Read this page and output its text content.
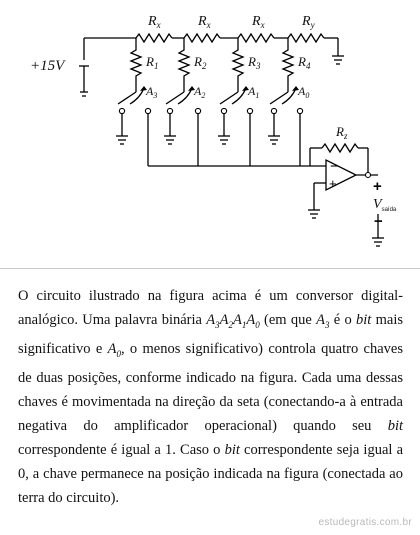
+15V
$R_x$	$R_x$	$R_x$	$R_y$
$R_1$	$R_2$	$R_3$	$R_4$
$A_3$	$A_2$	$A_1$	$A_0$
$R_z$
−
+ +
$V_{saída}$
−

O circuito ilustrado na figura acima é um conversor digital-analógico. Uma palavra binária $A_3A_2A_1A_0$ (em que $A_3$ é o bit mais significativo e $A_0$, o menos significativo) controla quatro chaves de duas posições, conforme indicado na figura. Cada uma dessas chaves é movimentada na direção da seta (conectando-a à entrada negativa do amplificador operacional) quando seu bit correspondente é igual a 1. Caso o bit correspondente seja igual a 0, a chave permanece na posição indicada na figura (conectada ao terra do circuito).

estudegratis.com.br
